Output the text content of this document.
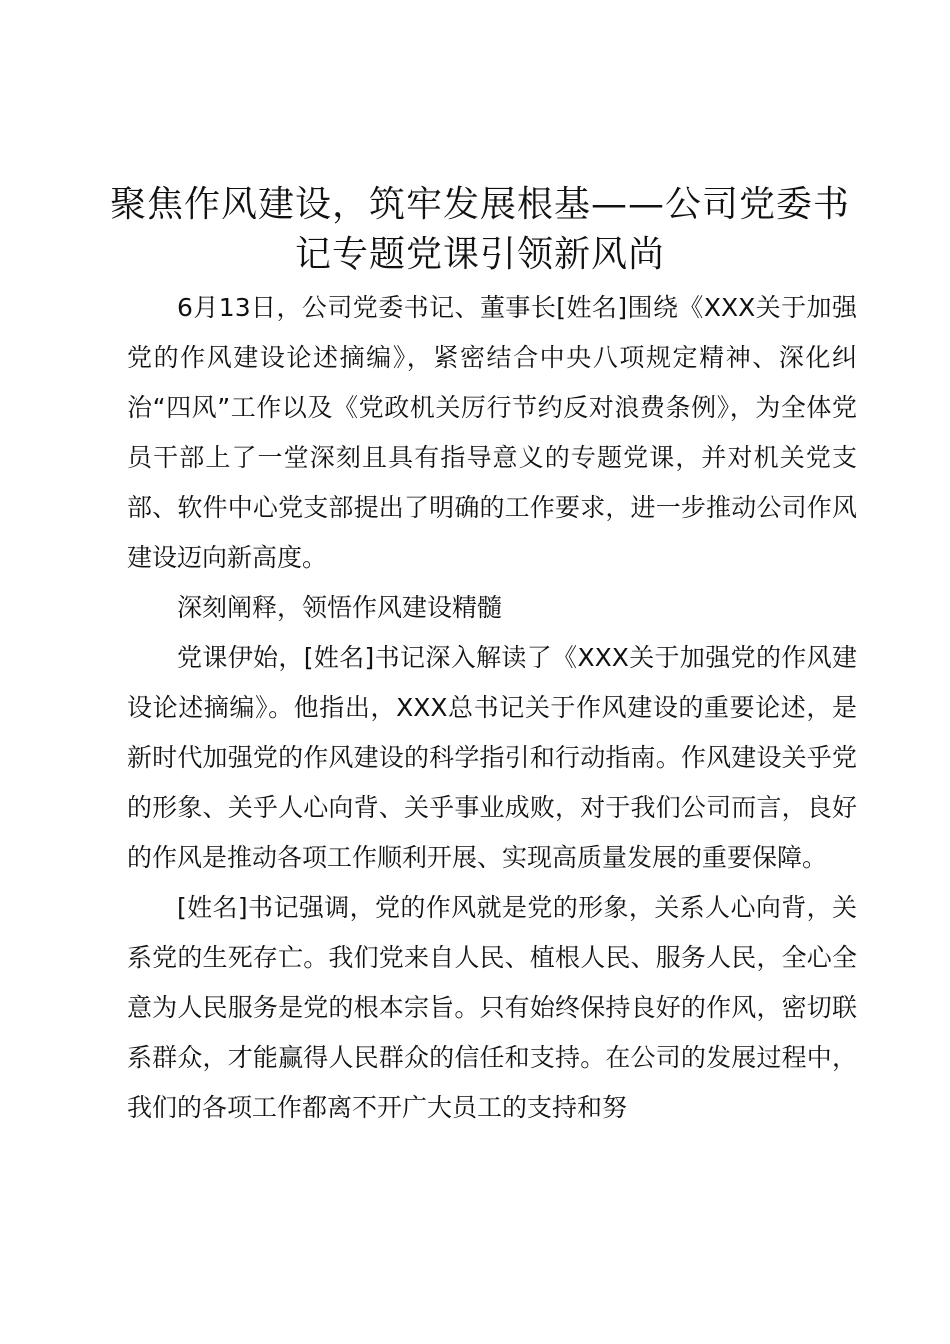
聚焦作风建设，筑牢发展根基——公司党委书记专题党课引领新风尚

6月13日，公司党委书记、董事长[姓名]围绕《XXX关于加强党的作风建设论述摘编》，紧密结合中央八项规定精神、深化纠治“四风”工作以及《党政机关厉行节约反对浪费条例》，为全体党员干部上了一堂深刻且具有指导意义的专题党课，并对机关党支部、软件中心党支部提出了明确的工作要求，进一步推动公司作风建设迈向新高度。

深刻阐释，领悟作风建设精髓

党课伊始，[姓名]书记深入解读了《XXX关于加强党的作风建设论述摘编》。他指出，XXX总书记关于作风建设的重要论述，是新时代加强党的作风建设的科学指引和行动指南。作风建设关乎党的形象、关乎人心向背、关乎事业成败，对于我们公司而言，良好的作风是推动各项工作顺利开展、实现高质量发展的重要保障。

[姓名]书记强调，党的作风就是党的形象，关系人心向背，关系党的生死存亡。我们党来自人民、植根人民、服务人民，全心全意为人民服务是党的根本宗旨。只有始终保持良好的作风，密切联系群众，才能赢得人民群众的信任和支持。在公司的发展过程中，我们的各项工作都离不开广大员工的支持和努
